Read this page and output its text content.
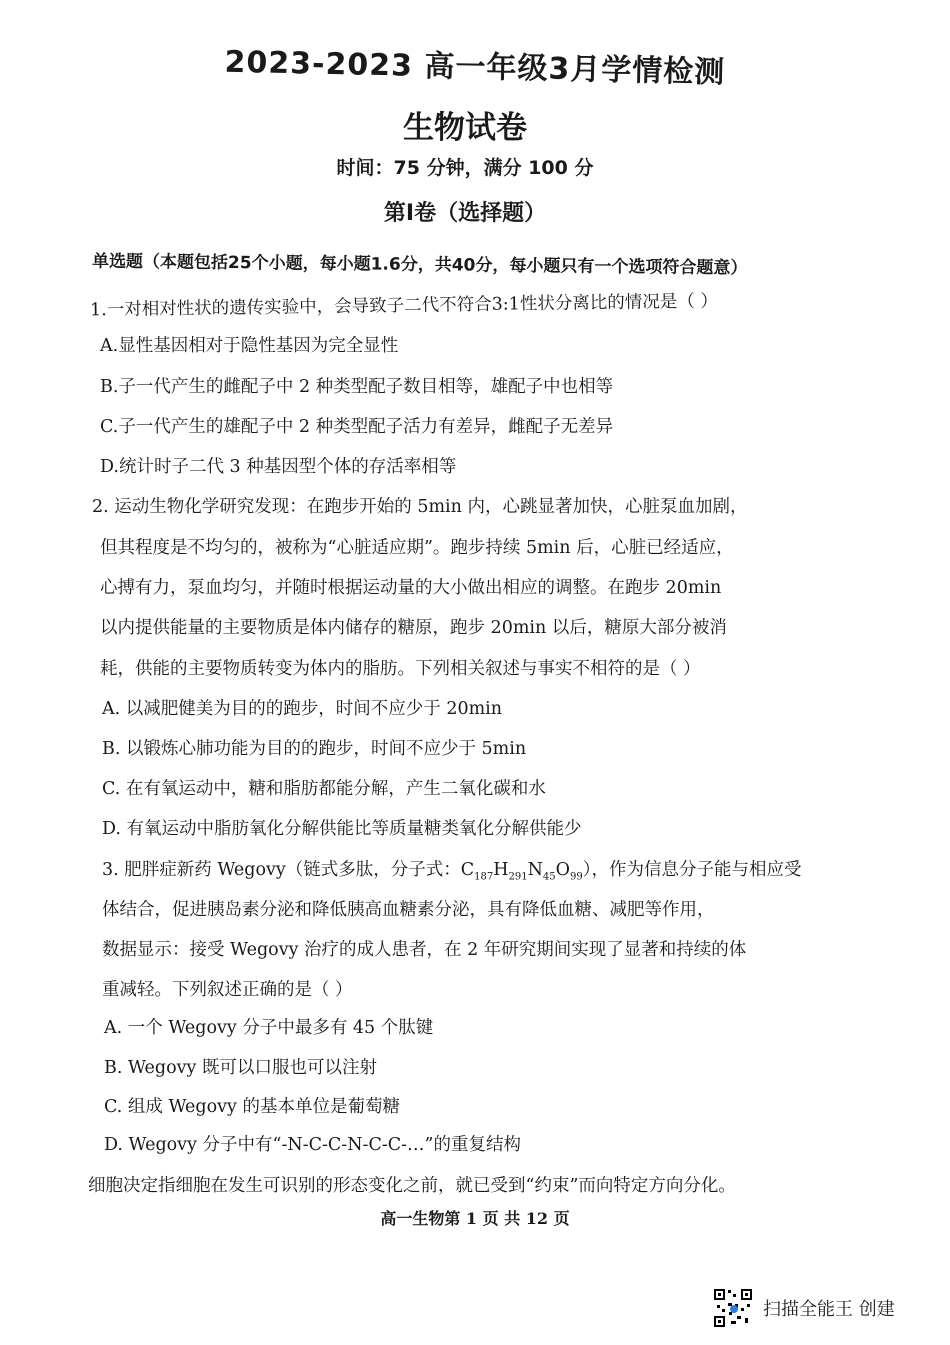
2023-2023 高一年级3月学情检测
生物试卷
时间：75 分钟，满分 100 分
第Ⅰ卷（选择题）
单选题（本题包括25个小题，每小题1.6分，共40分，每小题只有一个选项符合题意）
1.一对相对性状的遗传实验中，会导致子二代不符合3:1性状分离比的情况是（ ）
A.显性基因相对于隐性基因为完全显性
B.子一代产生的雌配子中 2 种类型配子数目相等，雄配子中也相等
C.子一代产生的雄配子中 2 种类型配子活力有差异，雌配子无差异
D.统计时子二代 3 种基因型个体的存活率相等
2. 运动生物化学研究发现：在跑步开始的 5min 内，心跳显著加快，心脏泵血加剧，
但其程度是不均匀的，被称为“心脏适应期”。跑步持续 5min 后，心脏已经适应，
心搏有力，泵血均匀，并随时根据运动量的大小做出相应的调整。在跑步 20min
以内提供能量的主要物质是体内储存的糖原，跑步 20min 以后，糖原大部分被消
耗，供能的主要物质转变为体内的脂肪。下列相关叙述与事实不相符的是（ ）
A. 以减肥健美为目的的跑步，时间不应少于 20min
B. 以锻炼心肺功能为目的的跑步，时间不应少于 5min
C. 在有氧运动中，糖和脂肪都能分解，产生二氧化碳和水
D. 有氧运动中脂肪氧化分解供能比等质量糖类氧化分解供能少
3. 肥胖症新药 Wegovy（链式多肽，分子式：$C_{187}H_{291}N_{45}O_{99}$），作为信息分子能与相应受
体结合，促进胰岛素分泌和降低胰高血糖素分泌，具有降低血糖、减肥等作用，
数据显示：接受 Wegovy 治疗的成人患者，在 2 年研究期间实现了显著和持续的体
重减轻。下列叙述正确的是（ ）
A. 一个 Wegovy 分子中最多有 45 个肽键
B. Wegovy 既可以口服也可以注射
C. 组成 Wegovy 的基本单位是葡萄糖
D. Wegovy 分子中有“-N-C-C-N-C-C-…”的重复结构
细胞决定指细胞在发生可识别的形态变化之前，就已受到“约束”而向特定方向分化。
高一生物第 1 页 共 12 页
扫描全能王 创建
